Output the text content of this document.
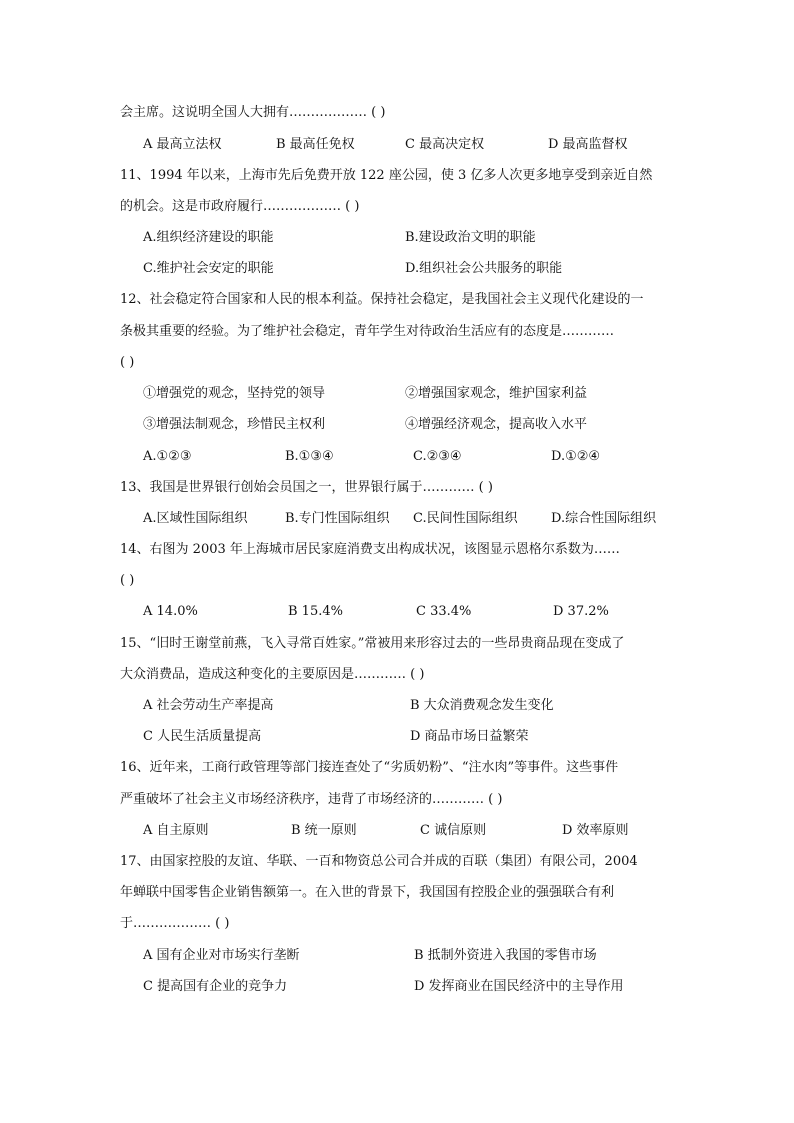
会主席。这说明全国人大拥有……………… ( )
A 最高立法权	B 最高任免权	C 最高决定权	D 最高监督权
11、1994 年以来，上海市先后免费开放 122 座公园，使 3 亿多人次更多地享受到亲近自然
的机会。这是市政府履行……………… ( )
A.组织经济建设的职能	B.建设政治文明的职能
C.维护社会安定的职能	D.组织社会公共服务的职能
12、社会稳定符合国家和人民的根本利益。保持社会稳定，是我国社会主义现代化建设的一
条极其重要的经验。为了维护社会稳定，青年学生对待政治生活应有的态度是…………
( )
①增强党的观念，坚持党的领导	②增强国家观念，维护国家利益
③增强法制观念，珍惜民主权利	④增强经济观念，提高收入水平
A.①②③	B.①③④	C.②③④	D.①②④
13、我国是世界银行创始会员国之一，世界银行属于………… ( )
A.区域性国际组织	B.专门性国际组织 C.民间性国际组织	D.综合性国际组织
14、右图为 2003 年上海城市居民家庭消费支出构成状况，该图显示恩格尔系数为……
( )
A 14.0%	B 15.4%	C 33.4%	D 37.2%
15、“旧时王谢堂前燕，飞入寻常百姓家。”常被用来形容过去的一些昂贵商品现在变成了
大众消费品，造成这种变化的主要原因是………… ( )
A 社会劳动生产率提高	B 大众消费观念发生变化
C 人民生活质量提高	D 商品市场日益繁荣
16、近年来，工商行政管理等部门接连查处了“劣质奶粉”、“注水肉”等事件。这些事件
严重破坏了社会主义市场经济秩序，违背了市场经济的………… ( )
A 自主原则	B 统一原则	C 诚信原则	D 效率原则
17、由国家控股的友谊、华联、一百和物资总公司合并成的百联（集团）有限公司，2004
年蝉联中国零售企业销售额第一。在入世的背景下，我国国有控股企业的强强联合有利
于……………… ( )
A 国有企业对市场实行垄断	B 抵制外资进入我国的零售市场
C 提高国有企业的竞争力	D 发挥商业在国民经济中的主导作用
